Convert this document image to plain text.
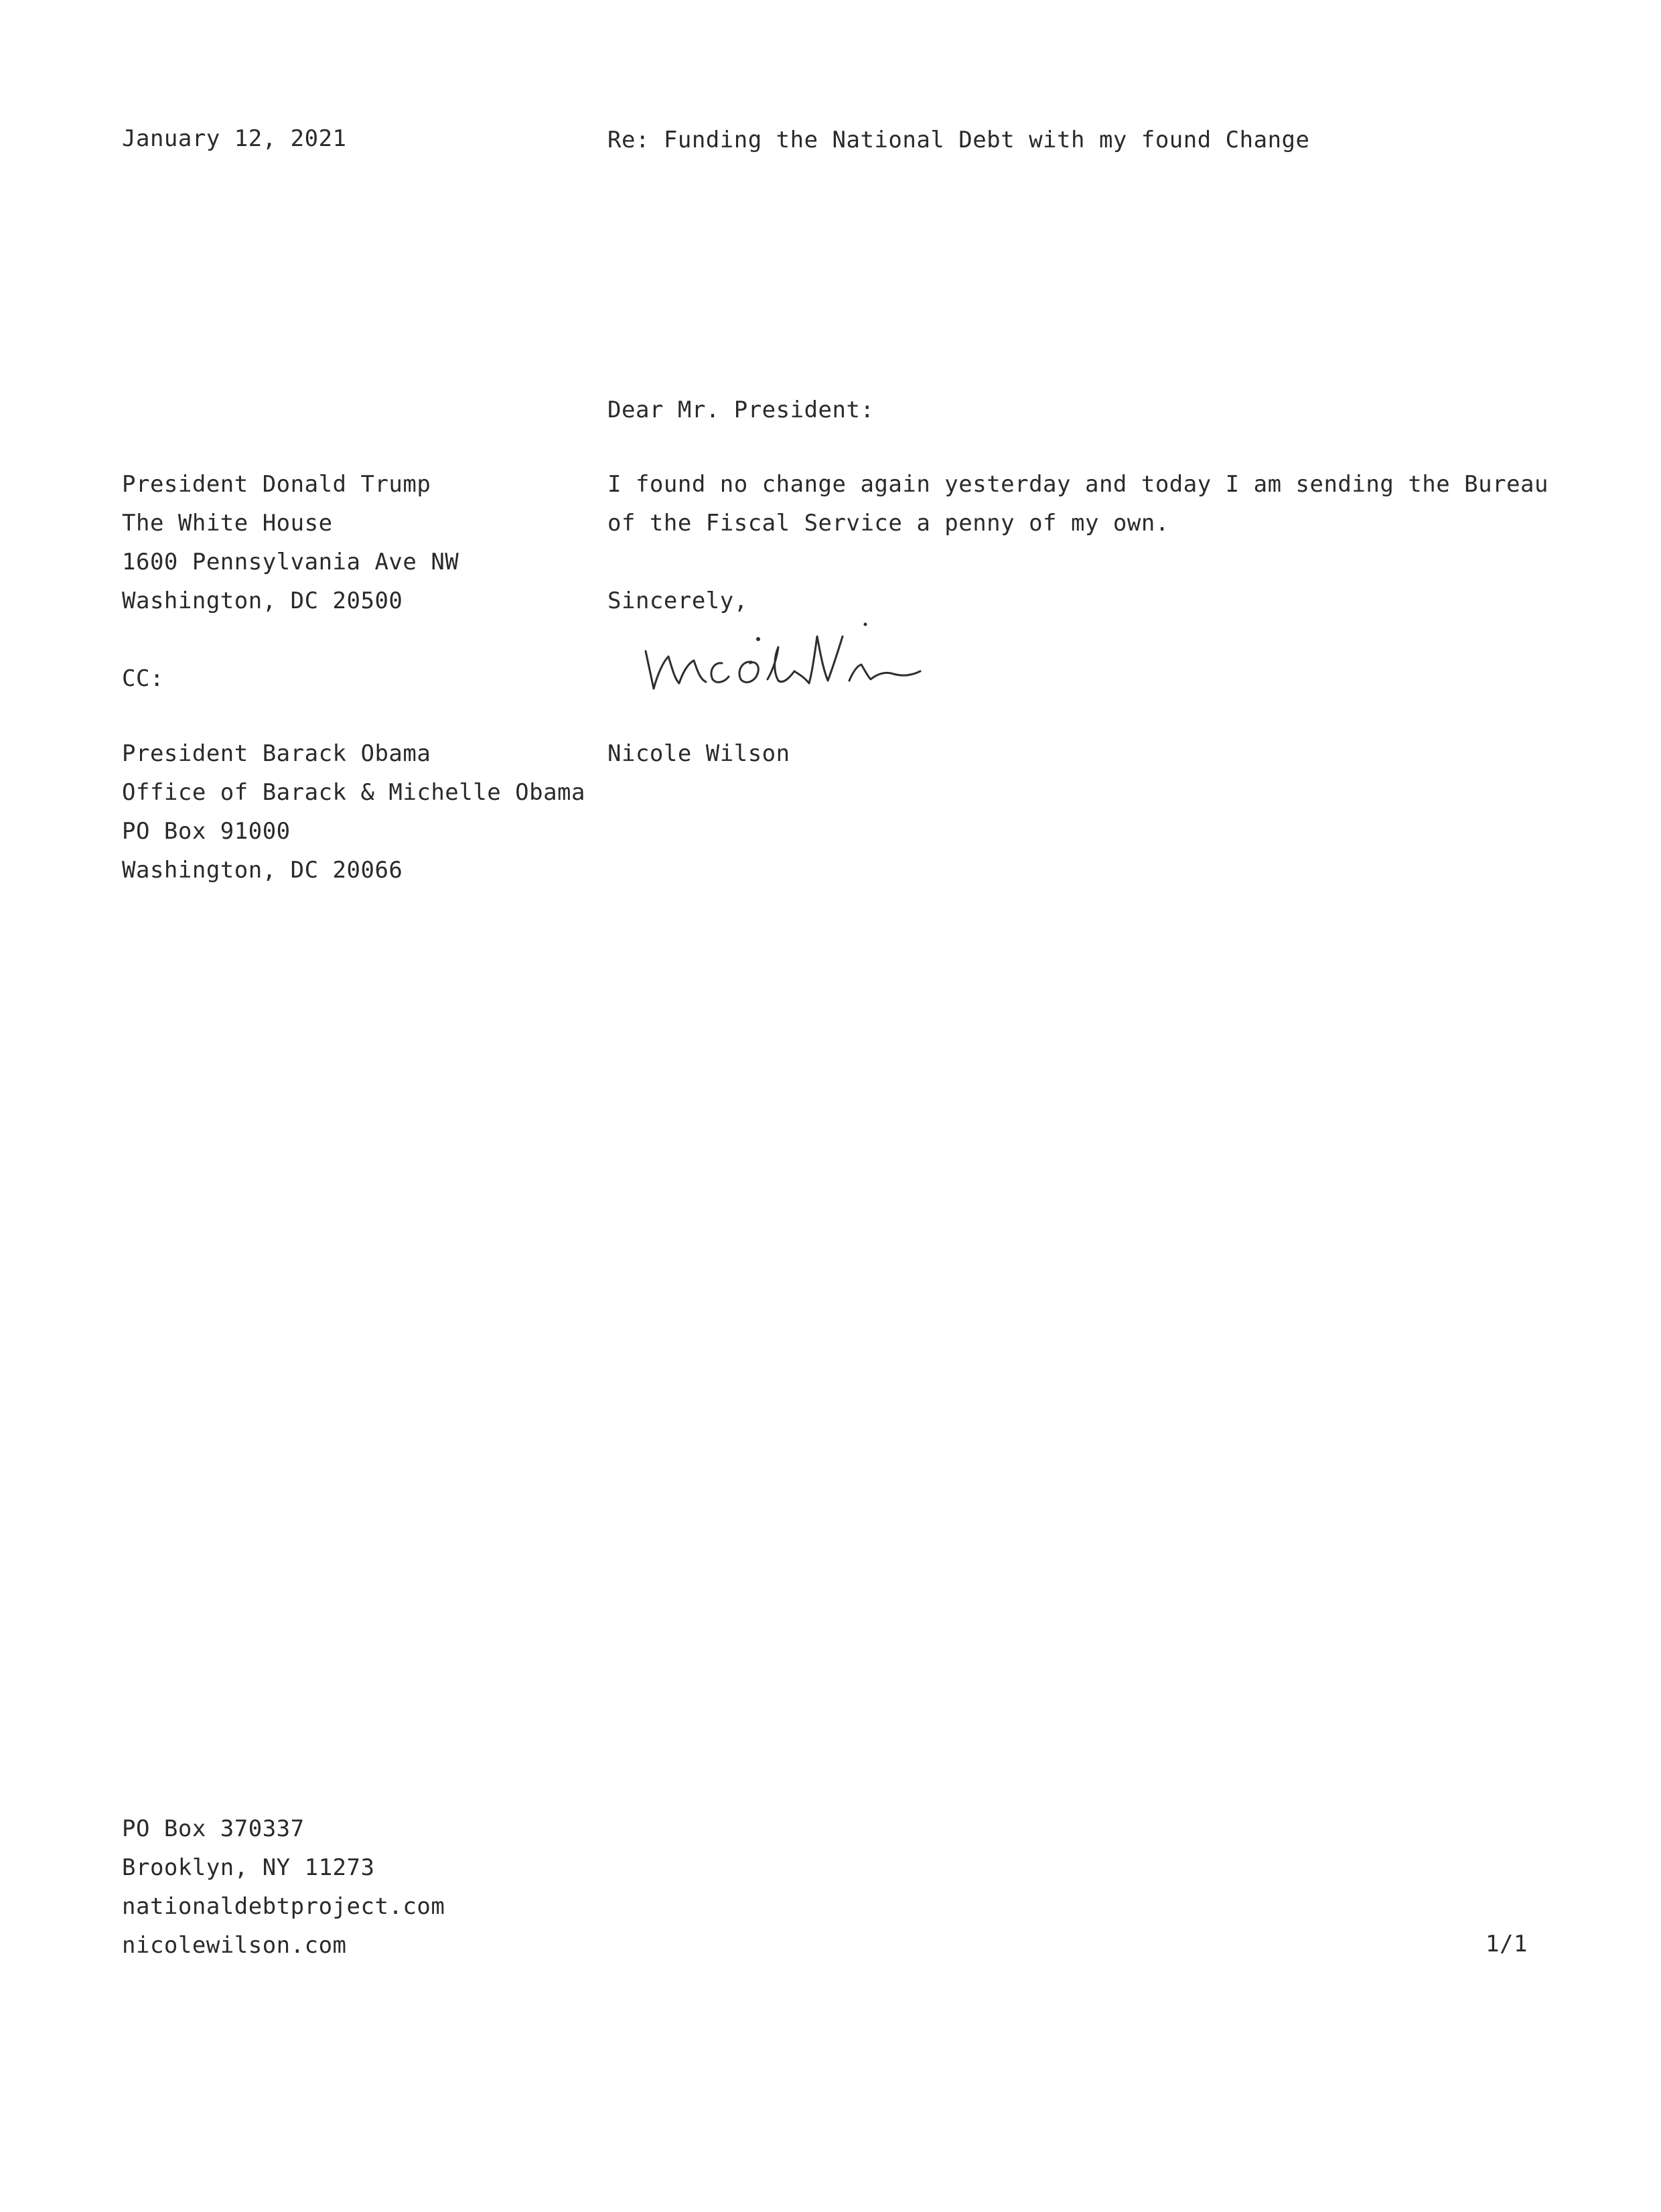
January 12, 2021	Re: Funding the National Debt with my found Change
Dear Mr. President:
President Donald Trump
The White House
1600 Pennsylvania Ave NW
Washington, DC 20500
I found no change again yesterday and today I am sending the Bureau
of the Fiscal Service a penny of my own.
Sincerely,
Nicole Wilson
CC:
President Barack Obama
Office of Barack & Michelle Obama
PO Box 91000
Washington, DC 20066
PO Box 370337
Brooklyn, NY 11273
nationaldebtproject.com
nicolewilson.com	1/1
